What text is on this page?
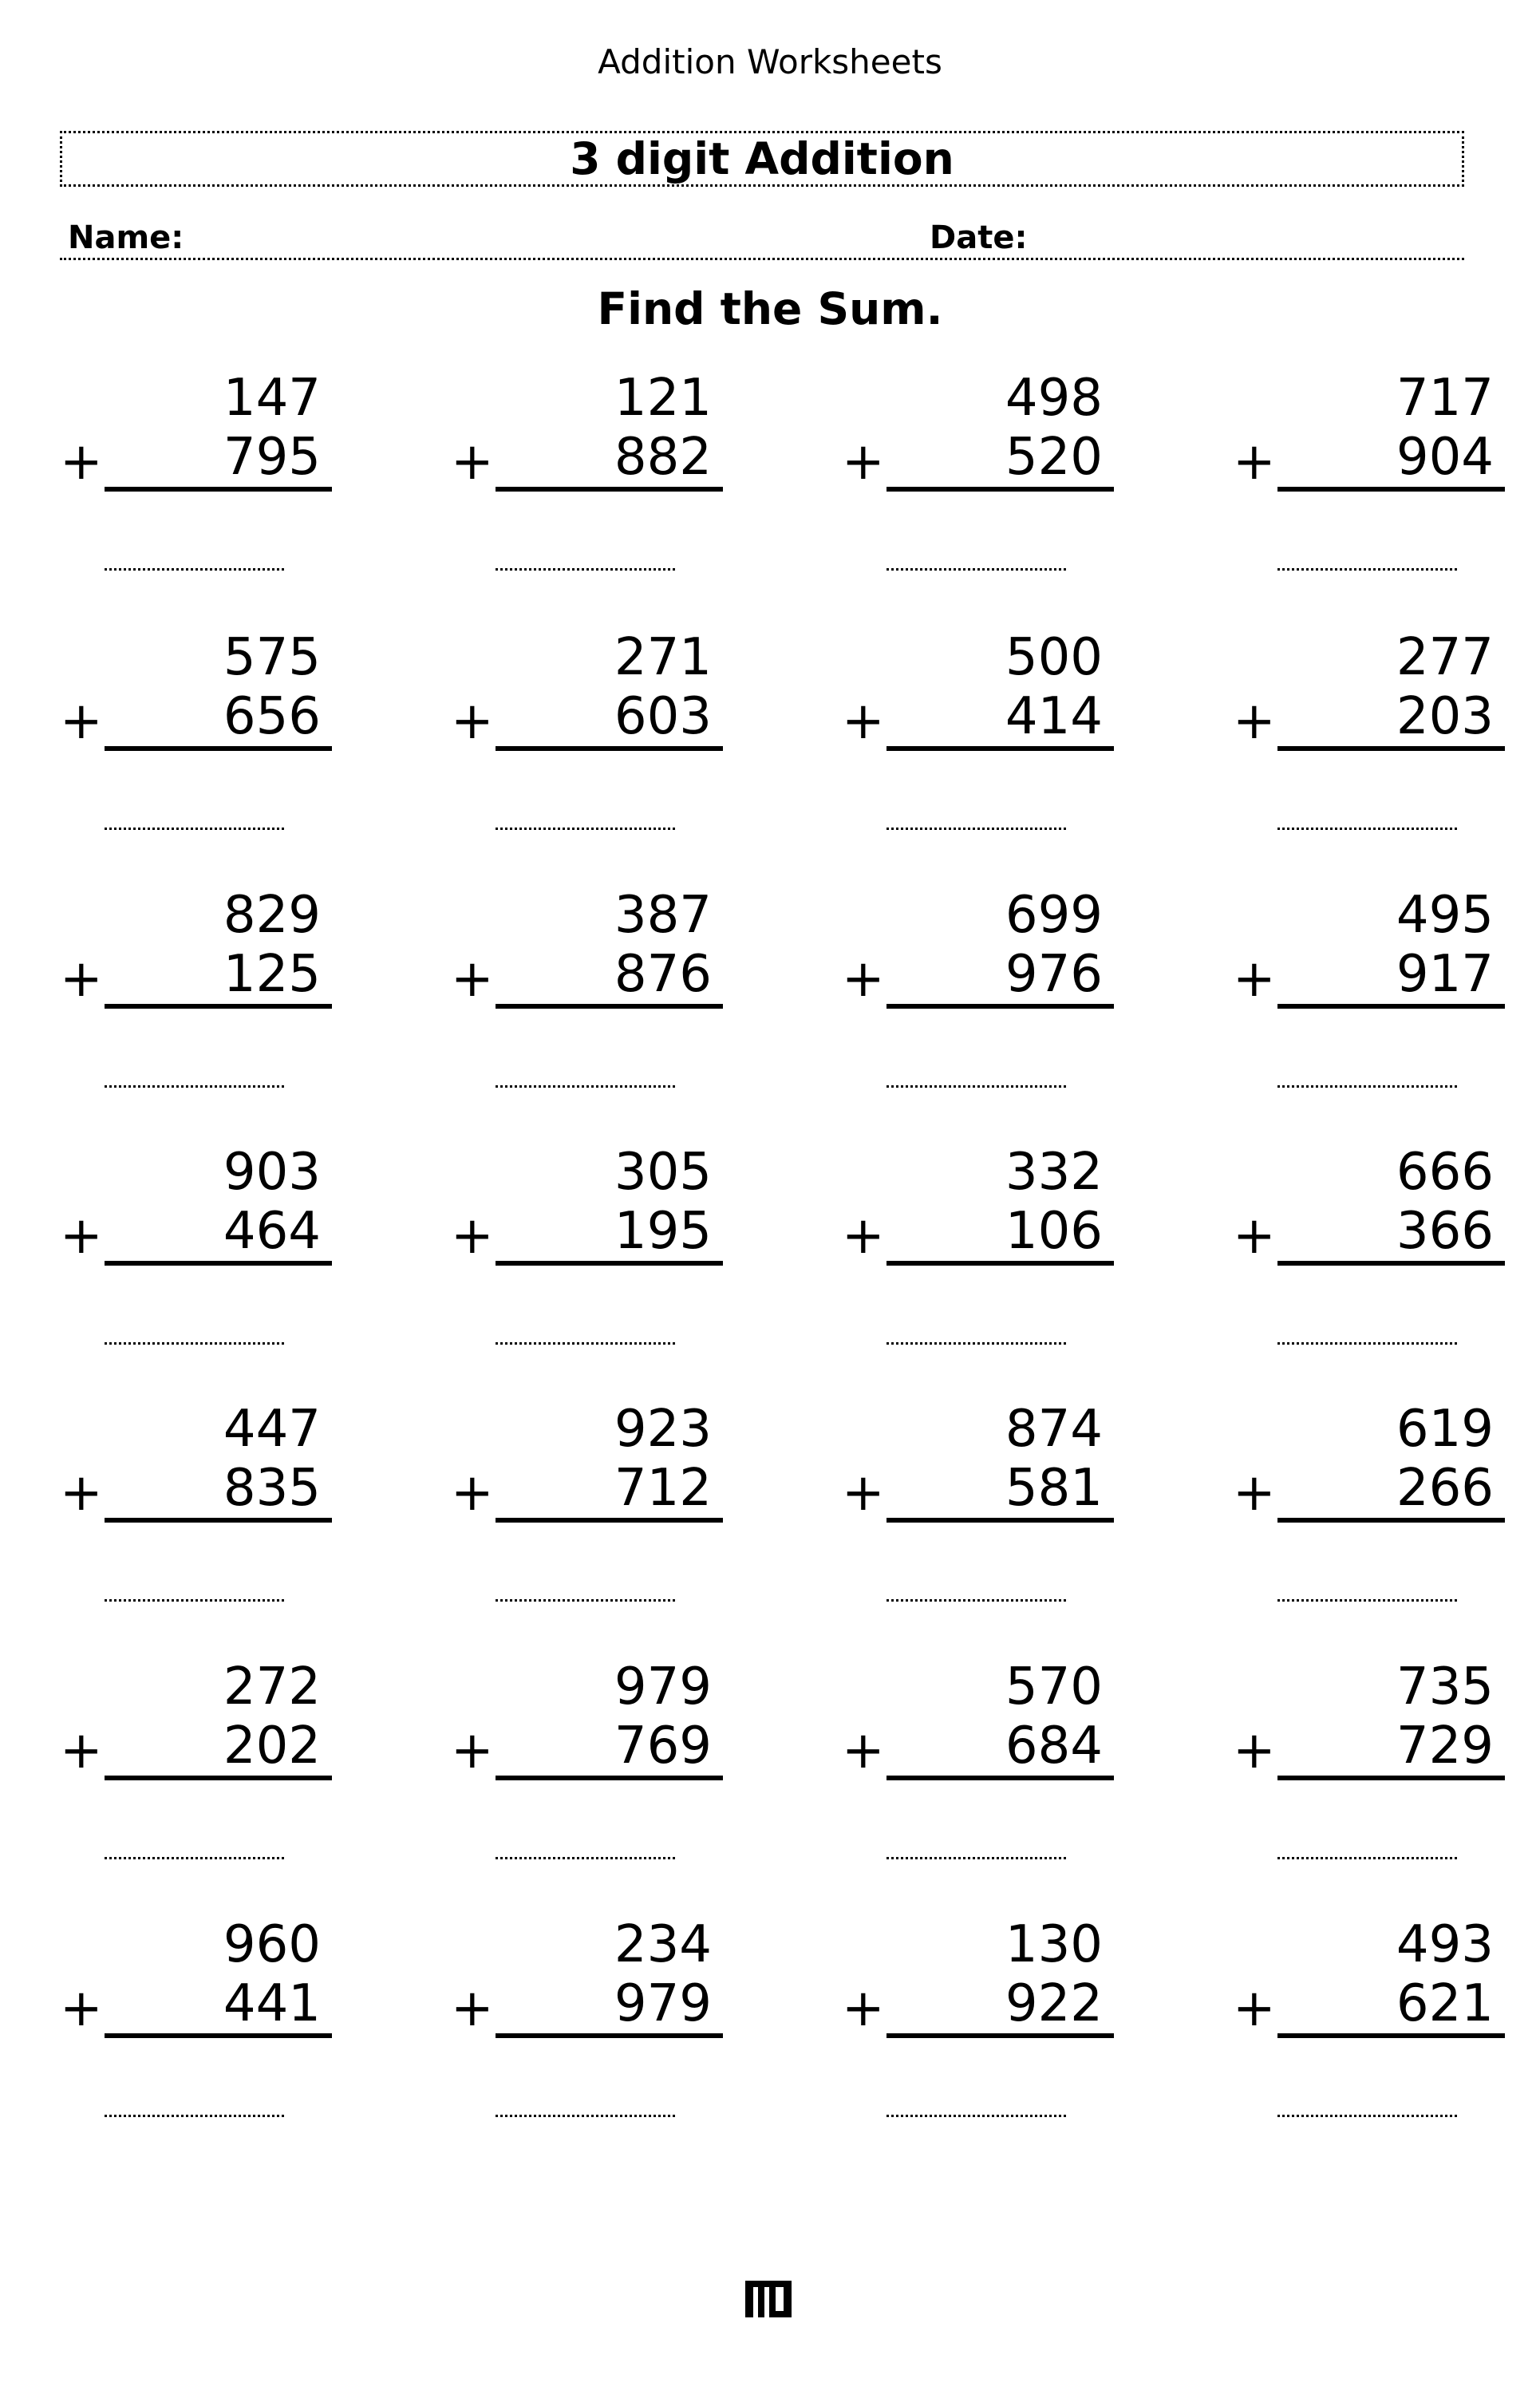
Addition Worksheets
3 digit Addition
Name:	Date:
Find the Sum.
147
+	795
121
+	882
498
+	520
717
+	904
575
+	656
271
+	603
500
+	414
277
+	203
829
+	125
387
+	876
699
+	976
495
+	917
903
+	464
305
+	195
332
+	106
666
+	366
447
+	835
923
+	712
874
+	581
619
+	266
272
+	202
979
+	769
570
+	684
735
+	729
960
+	441
234
+	979
130
+	922
493
+	621
